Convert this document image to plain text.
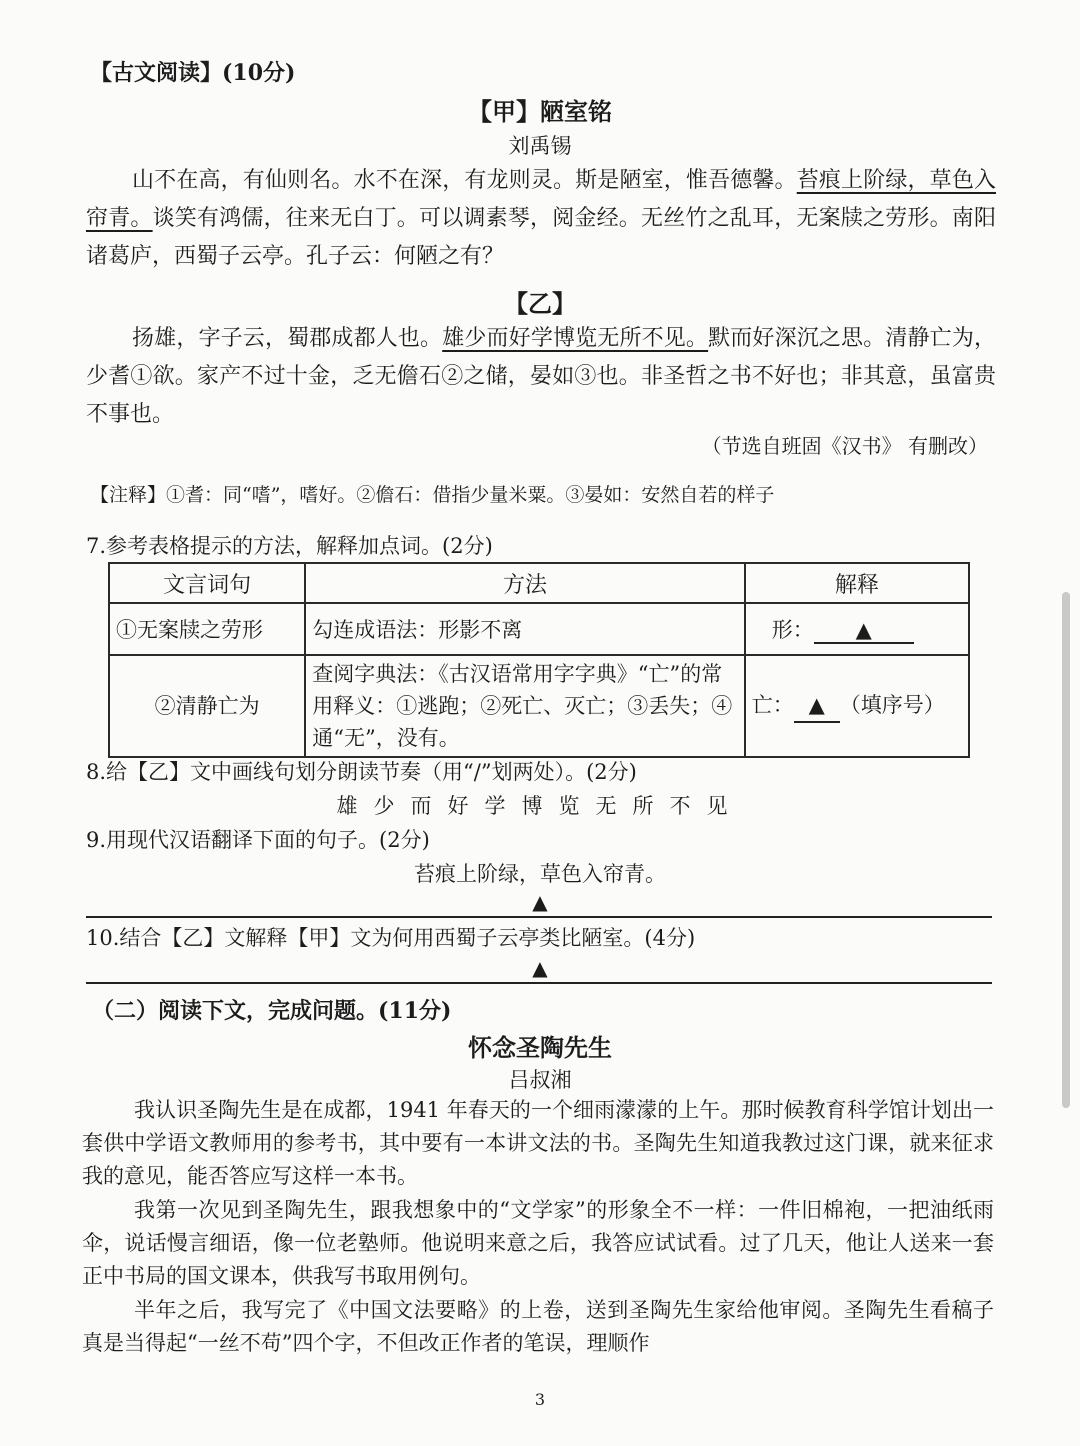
【古文阅读】(10分)
【甲】陋室铭
刘禹锡
山不在高，有仙则名。水不在深，有龙则灵。斯是陋室，惟吾德馨。苔痕上阶绿，草色入帘青。谈笑有鸿儒，往来无白丁。可以调素琴，阅金经。无丝竹之乱耳，无案牍之劳形。南阳诸葛庐，西蜀子云亭。孔子云：何陋之有？
【乙】
扬雄，字子云，蜀郡成都人也。雄少而好学博览无所不见。默而好深沉之思。清静亡为，少耆①欲。家产不过十金，乏无儋石②之储，晏如③也。非圣哲之书不好也；非其意，虽富贵不事也。
（节选自班固《汉书》 有删改）
【注释】①耆：同“嗜”，嗜好。②儋石：借指少量米粟。③晏如：安然自若的样子
7.参考表格提示的方法，解释加点词。(2分)
文言词句	方法	解释
①无案牍之劳形	勾连成语法：形影不离	形： ▲
②清静亡为	查阅字典法：《古汉语常用字字典》“亡”的常用释义：①逃跑；②死亡、灭亡；③丢失；④通“无”，没有。	亡： ▲ （填序号）
8.给【乙】文中画线句划分朗读节奏（用“/”划两处）。(2分)
雄少而好学博览无所不见
9.用现代汉语翻译下面的句子。(2分)
苔痕上阶绿，草色入帘青。
▲
10.结合【乙】文解释【甲】文为何用西蜀子云亭类比陋室。(4分)
▲
（二）阅读下文，完成问题。(11分)
怀念圣陶先生
吕叔湘
我认识圣陶先生是在成都，1941 年春天的一个细雨濛濛的上午。那时候教育科学馆计划出一套供中学语文教师用的参考书，其中要有一本讲文法的书。圣陶先生知道我教过这门课，就来征求我的意见，能否答应写这样一本书。
我第一次见到圣陶先生，跟我想象中的“文学家”的形象全不一样：一件旧棉袍，一把油纸雨伞，说话慢言细语，像一位老塾师。他说明来意之后，我答应试试看。过了几天，他让人送来一套正中书局的国文课本，供我写书取用例句。
半年之后，我写完了《中国文法要略》的上卷，送到圣陶先生家给他审阅。圣陶先生看稿子真是当得起“一丝不苟”四个字，不但改正作者的笔误，理顺作
3
